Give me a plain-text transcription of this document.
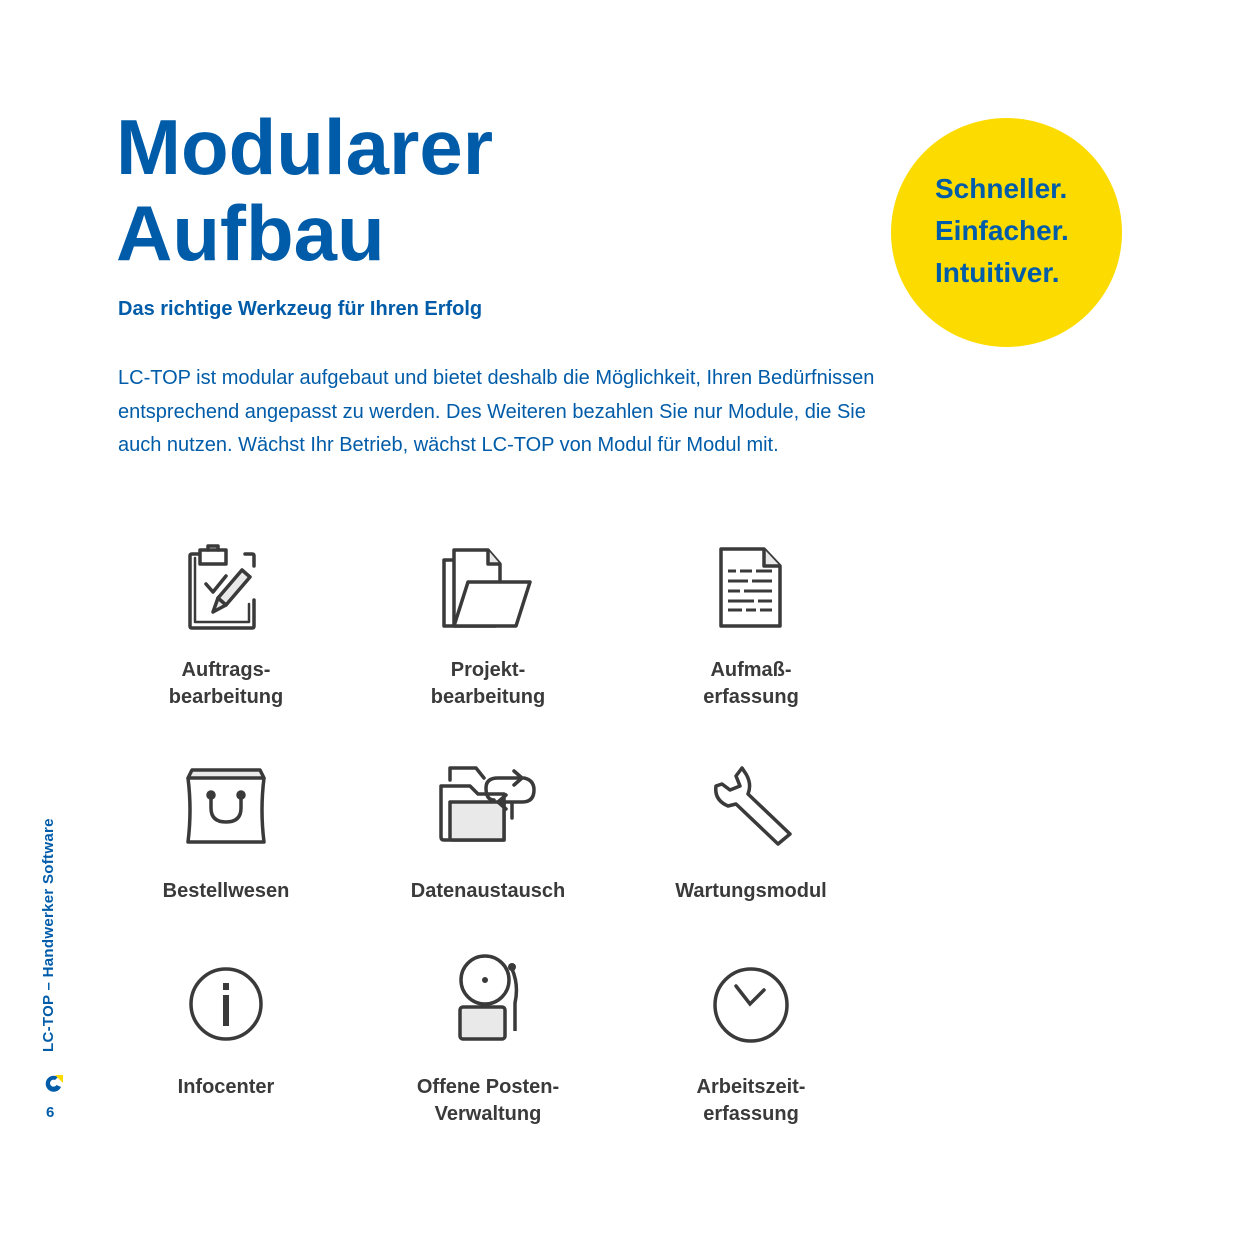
Modularer
Aufbau
Das richtige Werkzeug für Ihren Erfolg

LC-TOP ist modular aufgebaut und bietet deshalb die Möglichkeit, Ihren Bedürfnissen entsprechend angepasst zu werden. Des Weiteren bezahlen Sie nur Module, die Sie auch nutzen. Wächst Ihr Betrieb, wächst LC-TOP von Modul für Modul mit.

Schneller.
Einfacher.
Intuitiver.
LC-TOP – Handwerker Software
6
Auftrags-
bearbeitung
Projekt-
bearbeitung
Aufmaß-
erfassung
Bestellwesen	Datenaustausch	Wartungsmodul
Infocenter	Offene Posten-
Verwaltung
Arbeitszeit-
erfassung
